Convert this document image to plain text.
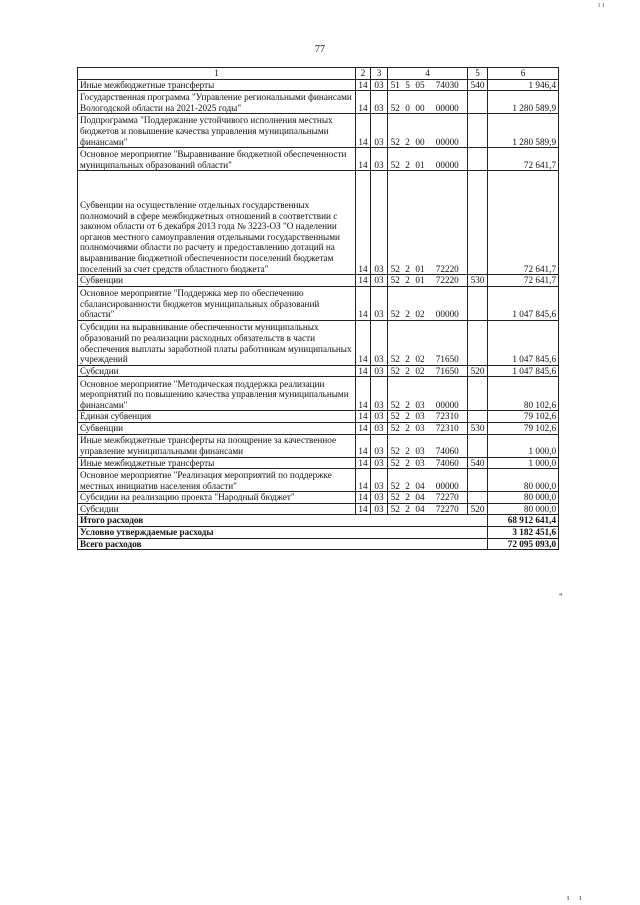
ı ı
77
1	2	3	4				5	6
Иные межбюджетные трансферты	14	03	51	5	05	74030	540	1 946,4
Государственная программа "Управление региональными финансами Вологодской области на 2021-2025 годы"	14	03	52	0	00	00000		1 280 589,9
Подпрограмма "Поддержание устойчивого исполнения местных бюджетов и повышение качества управления муниципальными финансами"	14	03	52	2	00	00000		1 280 589,9
Основное мероприятие "Выравнивание бюджетной обеспеченности муниципальных образований области"	14	03	52	2	01	00000		72 641,7
Субвенции на осуществление отдельных государственных полномочий в сфере межбюджетных отношений в соответствии с законом области от 6 декабря 2013 года № 3223-ОЗ "О наделении органов местного самоуправления отдельными государственными полномочиями области по расчету и предоставлению дотаций на выравнивание бюджетной обеспеченности поселений бюджетам поселений за счет средств областного бюджета"	14	03	52	2	01	72220		72 641,7
Субвенции	14	03	52	2	01	72220	530	72 641,7
Основное мероприятие "Поддержка мер по обеспечению сбалансированности бюджетов муниципальных образований области"	14	03	52	2	02	00000		1 047 845,6
Субсидии на выравнивание обеспеченности муниципальных образований по реализации расходных обязательств в части обеспечения выплаты заработной платы работникам муниципальных учреждений	14	03	52	2	02	71650		1 047 845,6
Субсидии	14	03	52	2	02	71650	520	1 047 845,6
Основное мероприятие "Методическая поддержка реализации мероприятий по повышению качества управления муниципальными финансами"	14	03	52	2	03	00000		80 102,6
Единая субвенция	14	03	52	2	03	72310		79 102,6
Субвенции	14	03	52	2	03	72310	530	79 102,6
Иные межбюджетные трансферты на поощрение за качественное управление муниципальными финансами	14	03	52	2	03	74060		1 000,0
Иные межбюджетные трансферты	14	03	52	2	03	74060	540	1 000,0
Основное мероприятие "Реализация мероприятий по поддержке местных инициатив населения области"	14	03	52	2	04	00000		80 000,0
Субсидии на реализацию проекта "Народный бюджет"	14	03	52	2	04	72270		80 000,0
Субсидии	14	03	52	2	04	72270	520	80 000,0
Итого расходов								68 912 641,4
Условно утверждаемые расходы								3 182 451,6
Всего расходов								72 095 093,0
"
ı ı
